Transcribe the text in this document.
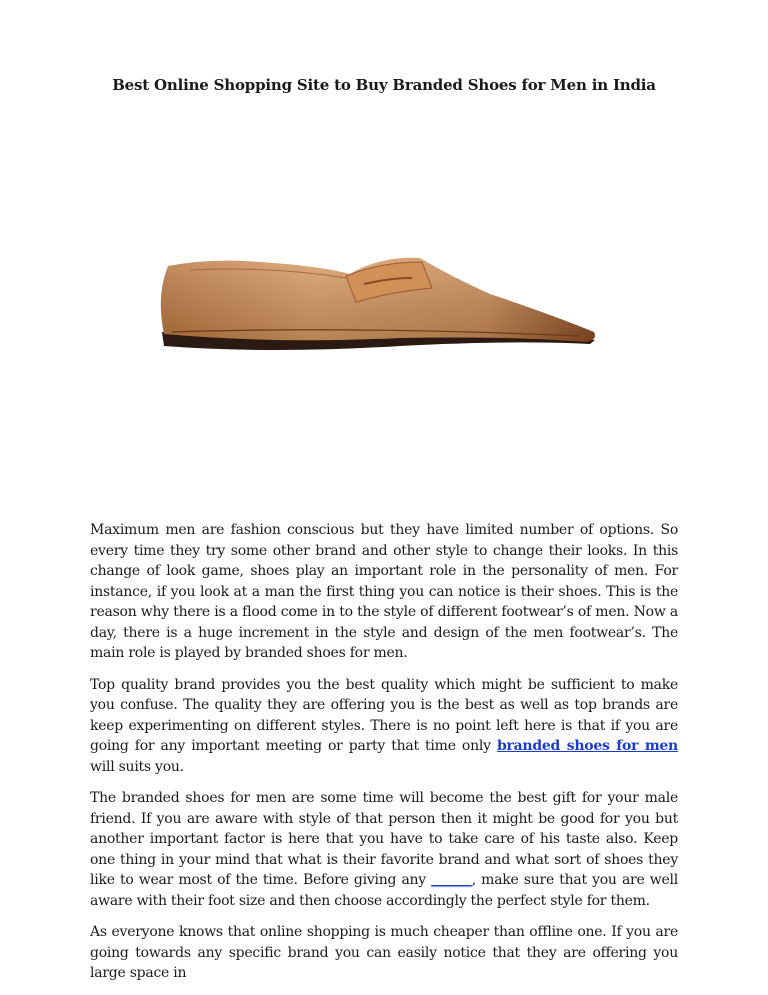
Best Online Shopping Site to Buy Branded Shoes for Men in India

Maximum men are fashion conscious but they have limited number of options. So every time they try some other brand and other style to change their looks. In this change of look game, shoes play an important role in the personality of men. For instance, if you look at a man the first thing you can notice is their shoes. This is the reason why there is a flood come in to the style of different footwear’s of men. Now a day, there is a huge increment in the style and design of the men footwear’s. The main role is played by branded shoes for men.

Top quality brand provides you the best quality which might be sufficient to make you confuse. The quality they are offering you is the best as well as top brands are keep experimenting on different styles. There is no point left here is that if you are going for any important meeting or party that time only branded shoes for men will suits you.

The branded shoes for men are some time will become the best gift for your male friend. If you are aware with style of that person then it might be good for you but another important factor is here that you have to take care of his taste also. Keep one thing in your mind that what is their favorite brand and what sort of shoes they like to wear most of the time. Before giving any ______, make sure that you are well aware with their foot size and then choose accordingly the perfect style for them.

As everyone knows that online shopping is much cheaper than offline one. If you are going towards any specific brand you can easily notice that they are offering you large space in
